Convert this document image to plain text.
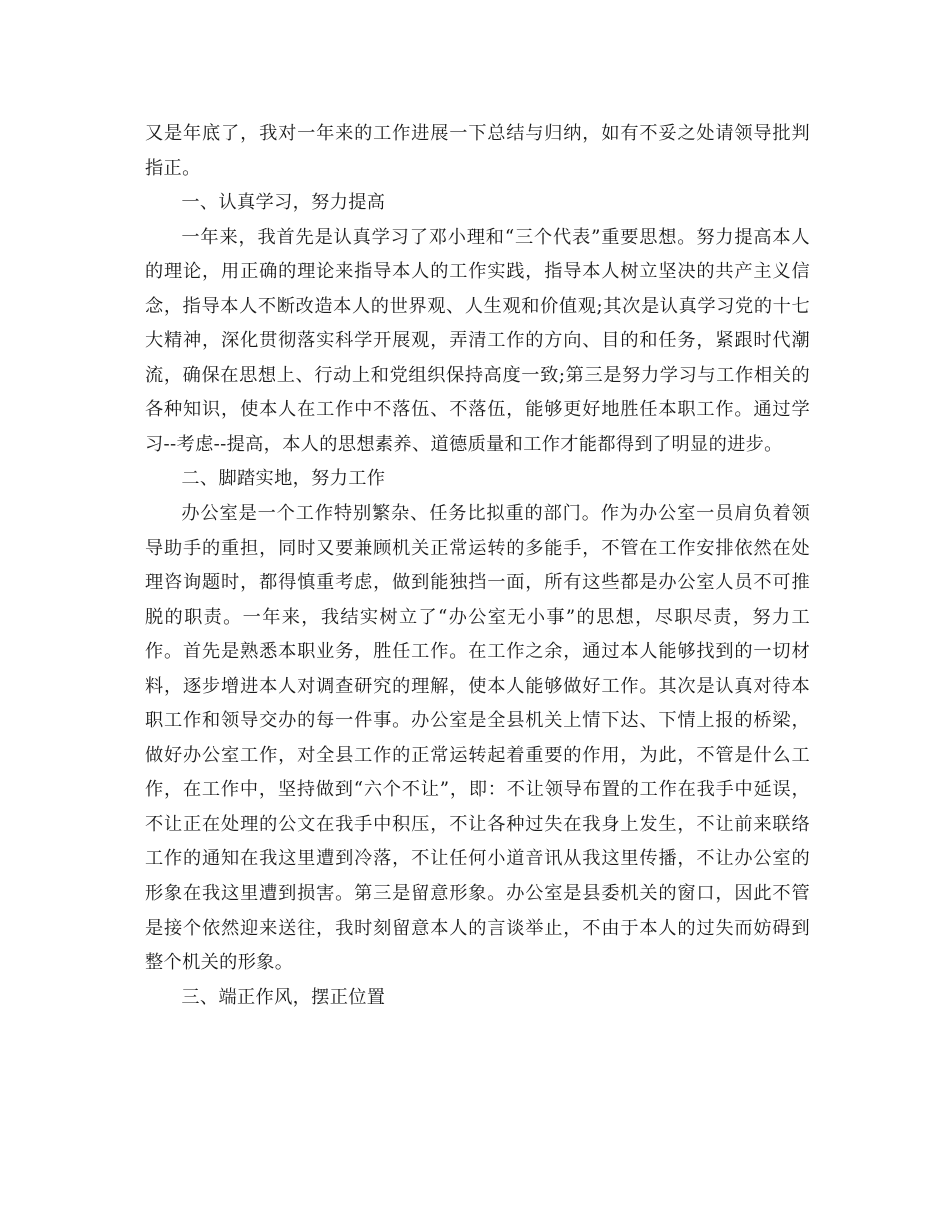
又是年底了，我对一年来的工作进展一下总结与归纳，如有不妥之处请领导批判指正。

一、认真学习，努力提高

一年来，我首先是认真学习了邓小理和“三个代表”重要思想。努力提高本人的理论，用正确的理论来指导本人的工作实践，指导本人树立坚决的共产主义信念，指导本人不断改造本人的世界观、人生观和价值观;其次是认真学习党的十七大精神，深化贯彻落实科学开展观，弄清工作的方向、目的和任务，紧跟时代潮流，确保在思想上、行动上和党组织保持高度一致;第三是努力学习与工作相关的各种知识，使本人在工作中不落伍、不落伍，能够更好地胜任本职工作。通过学习--考虑--提高，本人的思想素养、道德质量和工作才能都得到了明显的进步。

二、脚踏实地，努力工作

办公室是一个工作特别繁杂、任务比拟重的部门。作为办公室一员肩负着领导助手的重担，同时又要兼顾机关正常运转的多能手，不管在工作安排依然在处理咨询题时，都得慎重考虑，做到能独挡一面，所有这些都是办公室人员不可推脱的职责。一年来，我结实树立了“办公室无小事”的思想，尽职尽责，努力工作。首先是熟悉本职业务，胜任工作。在工作之余，通过本人能够找到的一切材料，逐步增进本人对调查研究的理解，使本人能够做好工作。其次是认真对待本职工作和领导交办的每一件事。办公室是全县机关上情下达、下情上报的桥梁，做好办公室工作，对全县工作的正常运转起着重要的作用，为此，不管是什么工作，在工作中，坚持做到“六个不让”，即：不让领导布置的工作在我手中延误，不让正在处理的公文在我手中积压，不让各种过失在我身上发生，不让前来联络工作的通知在我这里遭到冷落，不让任何小道音讯从我这里传播，不让办公室的形象在我这里遭到损害。第三是留意形象。办公室是县委机关的窗口，因此不管是接个依然迎来送往，我时刻留意本人的言谈举止，不由于本人的过失而妨碍到整个机关的形象。

三、端正作风，摆正位置
